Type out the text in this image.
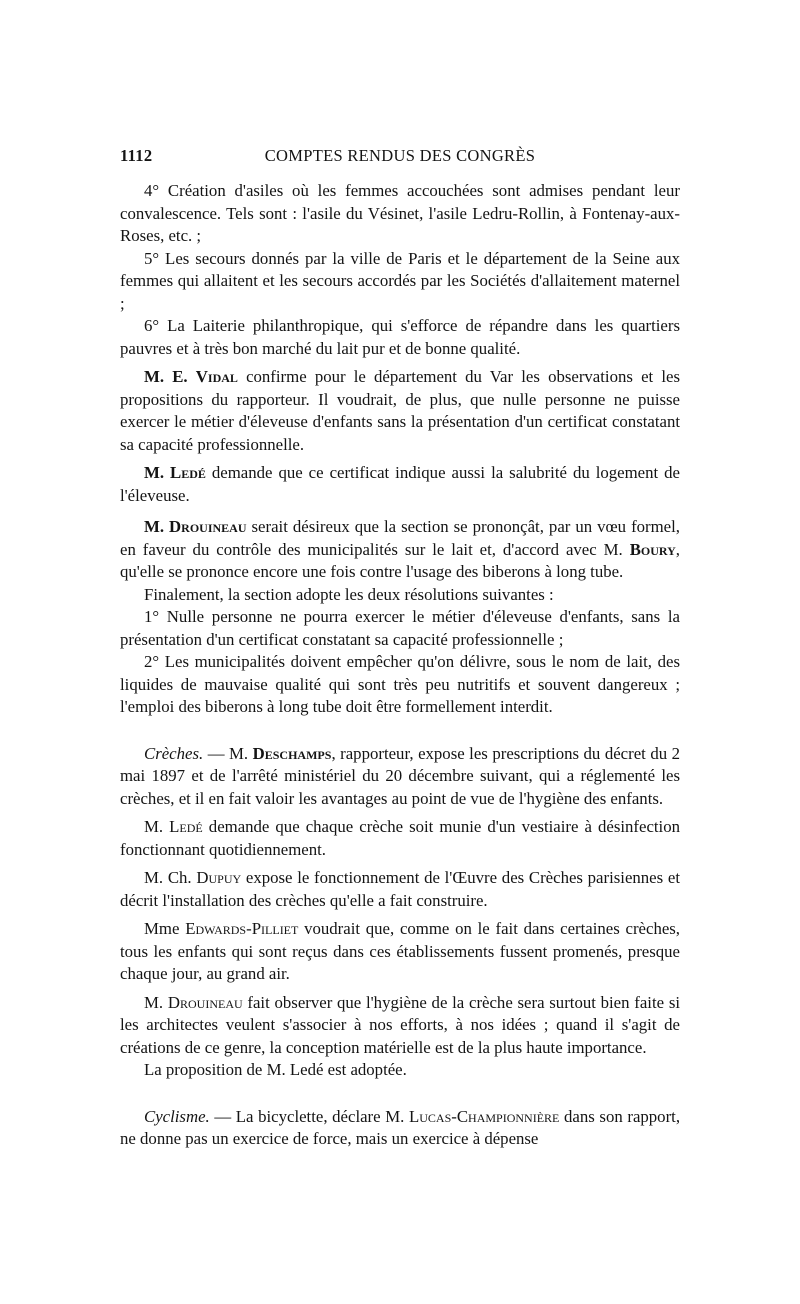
1112	COMPTES RENDUS DES CONGRÈS

4° Création d'asiles où les femmes accouchées sont admises pendant leur convalescence. Tels sont : l'asile du Vésinet, l'asile Ledru-Rollin, à Fontenay-aux-Roses, etc. ;

5° Les secours donnés par la ville de Paris et le département de la Seine aux femmes qui allaitent et les secours accordés par les Sociétés d'allaitement maternel ;

6° La Laiterie philanthropique, qui s'efforce de répandre dans les quartiers pauvres et à très bon marché du lait pur et de bonne qualité.

M. E. Vidal confirme pour le département du Var les observations et les propositions du rapporteur. Il voudrait, de plus, que nulle personne ne puisse exercer le métier d'éleveuse d'enfants sans la présentation d'un certificat constatant sa capacité professionnelle.

M. Ledé demande que ce certificat indique aussi la salubrité du logement de l'éleveuse.

M. Drouineau serait désireux que la section se prononçât, par un vœu formel, en faveur du contrôle des municipalités sur le lait et, d'accord avec M. Boury, qu'elle se prononce encore une fois contre l'usage des biberons à long tube.

Finalement, la section adopte les deux résolutions suivantes :

1° Nulle personne ne pourra exercer le métier d'éleveuse d'enfants, sans la présentation d'un certificat constatant sa capacité professionnelle ;

2° Les municipalités doivent empêcher qu'on délivre, sous le nom de lait, des liquides de mauvaise qualité qui sont très peu nutritifs et souvent dangereux ; l'emploi des biberons à long tube doit être formellement interdit.

Crèches. — M. Deschamps, rapporteur, expose les prescriptions du décret du 2 mai 1897 et de l'arrêté ministériel du 20 décembre suivant, qui a réglementé les crèches, et il en fait valoir les avantages au point de vue de l'hygiène des enfants.

M. Ledé demande que chaque crèche soit munie d'un vestiaire à désinfection fonctionnant quotidiennement.

M. Ch. Dupuy expose le fonctionnement de l'Œuvre des Crèches parisiennes et décrit l'installation des crèches qu'elle a fait construire.

Mme Edwards-Pilliet voudrait que, comme on le fait dans certaines crèches, tous les enfants qui sont reçus dans ces établissements fussent promenés, presque chaque jour, au grand air.

M. Drouineau fait observer que l'hygiène de la crèche sera surtout bien faite si les architectes veulent s'associer à nos efforts, à nos idées ; quand il s'agit de créations de ce genre, la conception matérielle est de la plus haute importance.

La proposition de M. Ledé est adoptée.

Cyclisme. — La bicyclette, déclare M. Lucas-Championnière dans son rapport, ne donne pas un exercice de force, mais un exercice à dépense
